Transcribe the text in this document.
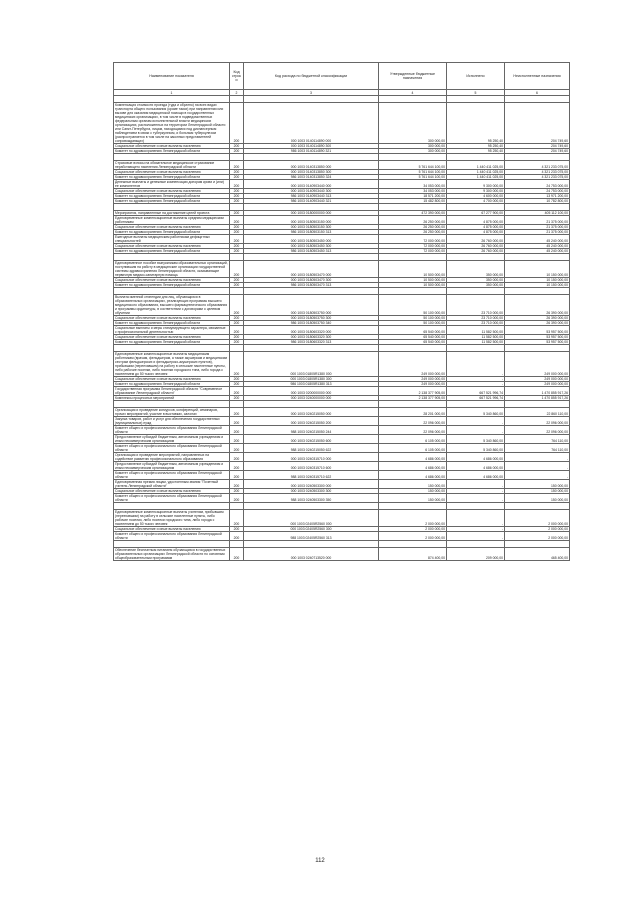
Наименование показателя	Код строки	Код расхода по бюджетной классификации	Утвержденные бюджетные назначения	Исполнено	Неисполненные назначения
1	2	3	4	5	6

Компенсация стоимости проезда (туда и обратно) на всех видах транспорта общего пользования (кроме такси) при направлении или вызове для оказания медицинской помощи в государственных медицинских организациях, в том числе в подведомственных федеральным органам исполнительной власти медицинских организациях, расположенных на территории Ленинградской области или Санкт-Петербурга, лицам, находящимся под диспансерным наблюдением в связи с туберкулезом, и больным туберкулезом (распространяется в том числе на законных представителей сопровождающих)	200	000 1003 0140114890 000	300 000,00	95 250,40	204 749,60
Социальное обеспечение и иные выплаты населению	200	000 1003 0140114890 300	300 000,00	95 250,40	204 749,60
Комитет по здравоохранению Ленинградской области	200	986 1003 0140114890 321	300 000,00	95 250,40	204 749,60

Страховые взносы на обязательное медицинское страхование неработающего населения Ленинградской области	200	000 1003 0140313850 000	5 761 644 100,00	1 440 411 025,00	4 321 233 075,00
Социальное обеспечение и иные выплаты населению	200	000 1003 0140313850 300	5 761 644 100,00	1 440 411 025,00	4 321 233 075,00
Комитет по здравоохранению Ленинградской области	200	986 1003 0140313850 324	5 761 644 100,00	1 440 411 025,00	4 321 233 075,00
Денежные выплаты и денежные компенсации донорам крови и (или) ее компонентов	200	000 1003 0140903440 000	34 053 000,00	9 300 000,00	24 753 000,00
Социальное обеспечение и иные выплаты населению	200	000 1003 0140903440 300	34 053 000,00	9 300 000,00	24 753 000,00
Комитет по здравоохранению Ленинградской области	200	986 1003 0140903440 313	18 571 200,00	4 600 000,00	13 971 200,00
Комитет по здравоохранению Ленинградской области	200	986 1003 0140903440 321	15 482 800,00	4 700 000,00	10 782 800,00

Мероприятия, направленные на достижение целей проекта	200	000 1003 0180000000 000	472 390 000,00	67 277 900,00	405 112 100,00
Единовременные компенсационные выплаты средним медицинским работникам	200	000 1003 0180503150 000	26 250 000,00	4 875 000,00	21 375 000,00
Социальное обеспечение и иные выплаты населению	200	000 1003 0180503150 300	26 250 000,00	4 875 000,00	21 375 000,00
Комитет по здравоохранению Ленинградской области	200	986 1003 0180503150 313	26 250 000,00	4 875 000,00	21 375 000,00
Ежегодные выплаты медицинским работникам дефицитных специальностей	200	000 1003 0180503450 000	72 000 000,00	26 760 000,00	45 240 000,00
Социальное обеспечение и иные выплаты населению	200	000 1003 0180503450 300	72 000 000,00	26 760 000,00	45 240 000,00
Комитет по здравоохранению Ленинградской области	200	986 1003 0180503450 313	72 000 000,00	26 760 000,00	45 240 000,00

Единовременное пособие выпускникам образовательных организаций, поступившим на работу в медицинские организации государственной системы здравоохранения Ленинградской области, оказывающие первичную медико-санитарную помощь	200	000 1003 0180503470 000	10 500 000,00	350 000,00	10 150 000,00
Социальное обеспечение и иные выплаты населению	200	000 1003 0180503470 300	10 500 000,00	350 000,00	10 150 000,00
Комитет по здравоохранению Ленинградской области	200	986 1003 0180503470 313	10 500 000,00	350 000,00	10 150 000,00

Выплата именной стипендии для лиц, обучающихся в образовательных организациях, реализующих программы высшего медицинского образования, высшего фармацевтического образования и программы ординатуры, в соответствии с договорами о целевом обучении	200	000 1003 0180503750 000	50 100 000,00	23 710 000,00	26 390 000,00
Социальное обеспечение и иные выплаты населению	200	000 1003 0180503750 300	50 100 000,00	23 710 000,00	26 390 000,00
Комитет по здравоохранению Ленинградской области	200	986 1003 0180503750 340	50 100 000,00	23 710 000,00	26 390 000,00
Социальные выплаты и меры стимулирующего характера, связанные с профессиональной деятельностью	200	000 1003 0180603320 000	65 540 000,00	11 582 500,00	53 957 500,00
Социальное обеспечение и иные выплаты населению	200	000 1003 0180603320 300	65 540 000,00	11 582 500,00	53 957 500,00
Комитет по здравоохранению Ленинградской области	200	986 1003 0180603320 313	65 540 000,00	11 582 500,00	53 957 500,00

Единовременные компенсационные выплаты медицинским работникам (врачам, фельдшерам, а также акушеркам и медицинским сестрам фельдшерских и фельдшерско-акушерских пунктов), прибывшим (переехавшим) на работу в сельские населенные пункты, либо рабочие поселки, либо поселки городского типа, либо города с населением до 50 тысяч человек	200	000 1003 01805R1380 000	249 000 000,00	-	249 000 000,00
Социальное обеспечение и иные выплаты населению	200	000 1003 01805R1380 300	249 000 000,00	-	249 000 000,00
Комитет по здравоохранению Ленинградской области	200	986 1003 01805R1380 313	249 000 000,00	-	249 000 000,00
Государственная программа Ленинградской области "Современное образование Ленинградской области"	200	000 1003 0200000000 000	2 138 377 905,00	667 521 996,74	1 470 855 917,26
Комплексы процессных мероприятий	200	000 1003 0240000000 000	2 138 377 905,00	667 521 996,74	1 470 855 917,26

Организация и проведение конкурсов, конференций, семинаров, прочих мероприятий, участие в выставках, салонах	200	000 1003 0240215050 000	28 201 000,00	5 340 860,00	22 860 110,00
Закупка товаров, работ и услуг для обеспечения государственных (муниципальных) нужд	200	000 1003 0240215050 200	22 096 000,00	-	22 096 000,00
Комитет общего и профессионального образования Ленинградской области	200	988 1003 0240215050 244	22 096 000,00	-	22 096 000,00
Предоставление субсидий бюджетным, автономным учреждениям и иным некоммерческим организациям	200	000 1003 0240215050 600	6 105 000,00	5 340 860,00	764 110,00
Комитет общего и профессионального образования Ленинградской области	200	988 1003 0240215050 622	6 105 000,00	5 340 860,00	764 110,00
Организация и проведение мероприятий, направленных на содействие развитию профессионального образования	200	000 1003 0240315710 000	4 686 000,00	4 686 000,00	-
Предоставление субсидий бюджетным, автономным учреждениям и иным некоммерческим организациям	200	000 1003 0240315710 600	4 686 000,00	4 686 000,00	-
Комитет общего и профессионального образования Ленинградской области	200	988 1003 0240315710 622	4 686 000,00	4 686 000,00	-
Единовременная премия лицам, удостоенным звания "Почетный учитель Ленинградской области"	200	000 1003 0240503300 000	150 000,00	-	150 000,00
Социальное обеспечение и иные выплаты населению	200	000 1003 0240503300 300	150 000,00	-	150 000,00
Комитет общего и профессионального образования Ленинградской области	200	988 1003 0240503300 350	150 000,00	-	150 000,00

Единовременные компенсационные выплаты учителям, прибывшим (переехавшим) на работу в сельские населенные пункты, либо рабочие поселки, либо поселки городского типа, либо города с населением до 50 тысяч человек	200	000 1003 02405R2560 000	2 000 000,00	-	2 000 000,00
Социальное обеспечение и иные выплаты населению	200	000 1003 02405R2560 300	2 000 000,00	-	2 000 000,00
Комитет общего и профессионального образования Ленинградской области	200	988 1003 02405R2560 313	2 000 000,00	-	2 000 000,00

Обеспечение бесплатным питанием обучающихся в государственных образовательных организациях Ленинградской области по основным общеобразовательным программам	200	000 1003 0240713520 000	874 400,00	209 000,00	465 400,00
112
